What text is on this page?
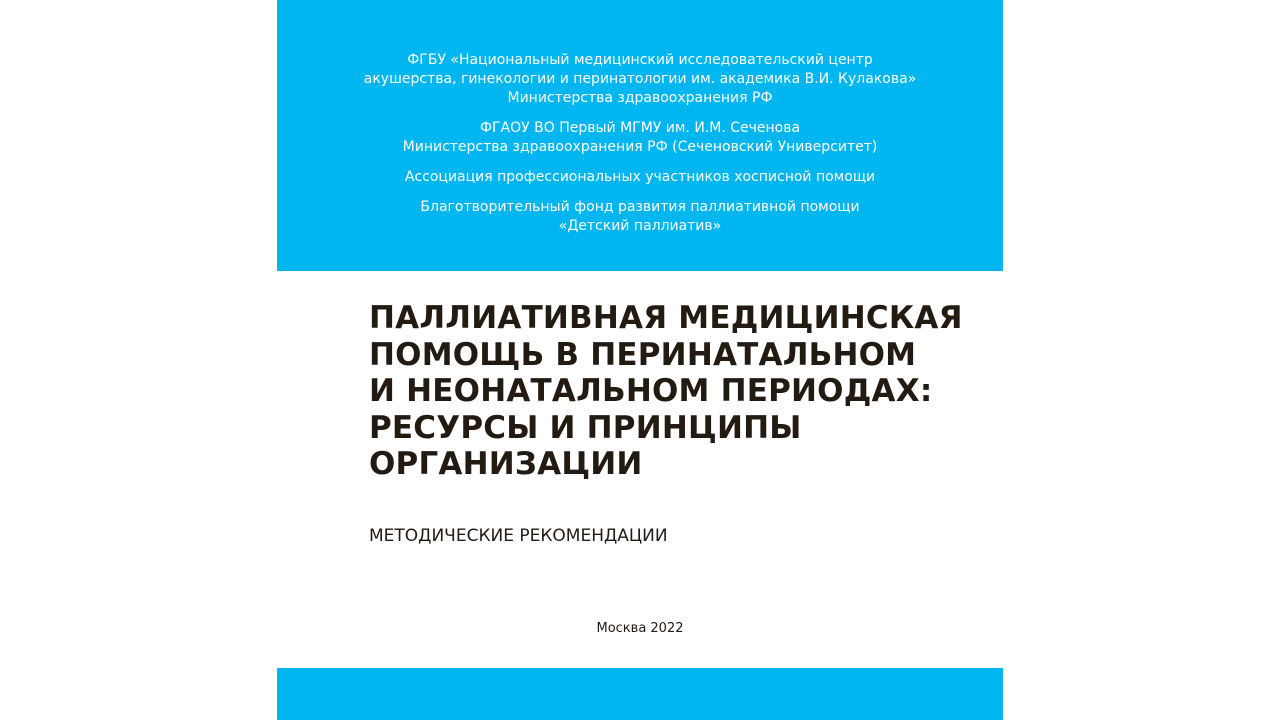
ФГБУ «Национальный медицинский исследовательский центр
акушерства, гинекологии и перинатологии им. академика В.И. Кулакова»
Министерства здравоохранения РФ
ФГАОУ ВО Первый МГМУ им. И.М. Сеченова
Министерства здравоохранения РФ (Сеченовский Университет)
Ассоциация профессиональных участников хосписной помощи
Благотворительный фонд развития паллиативной помощи
«Детский паллиатив»
ПАЛЛИАТИВНАЯ МЕДИЦИНСКАЯ
ПОМОЩЬ В ПЕРИНАТАЛЬНОМ
И НЕОНАТАЛЬНОМ ПЕРИОДАХ:
РЕСУРСЫ И ПРИНЦИПЫ
ОРГАНИЗАЦИИ

МЕТОДИЧЕСКИЕ РЕКОМЕНДАЦИИ

Москва 2022
